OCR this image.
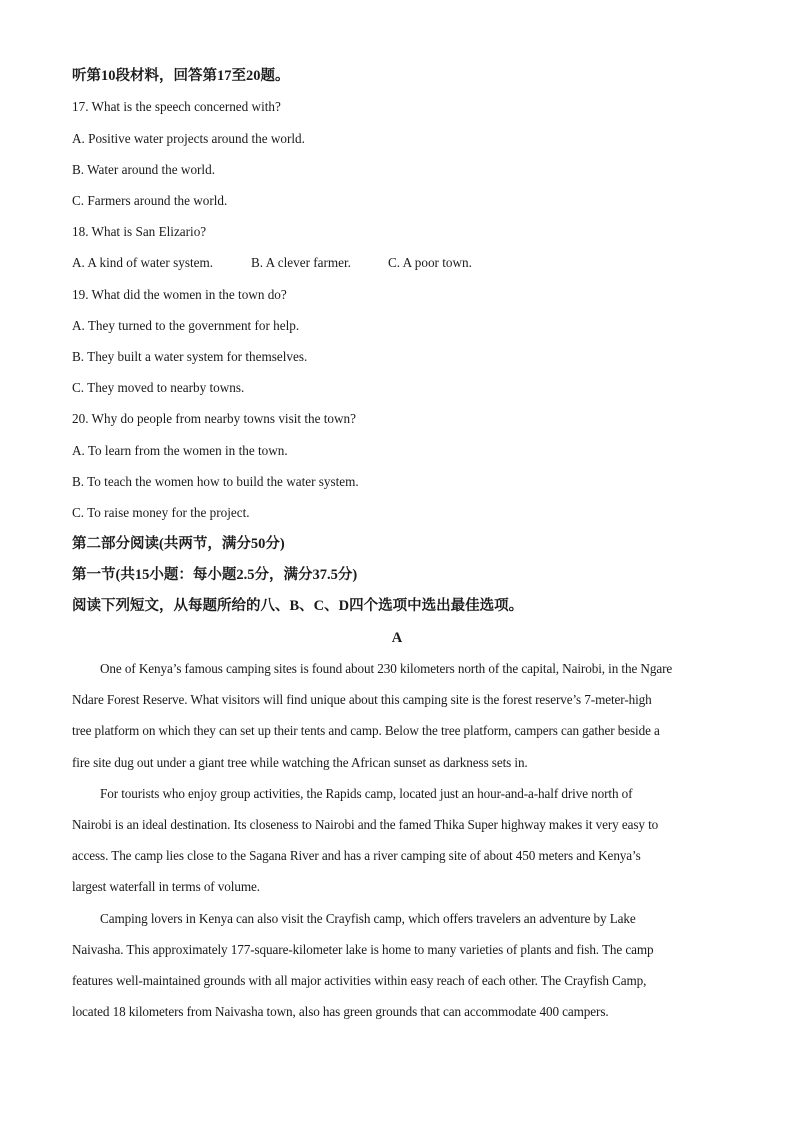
听第10段材料，回答第17至20题。
17. What is the speech concerned with?
A. Positive water projects around the world.
B. Water around the world.
C. Farmers around the world.
18. What is San Elizario?
A. A kind of water system.	B. A clever farmer.	C. A poor town.
19. What did the women in the town do?
A. They turned to the government for help.
B. They built a water system for themselves.
C. They moved to nearby towns.
20. Why do people from nearby towns visit the town?
A. To learn from the women in the town.
B. To teach the women how to build the water system.
C. To raise money for the project.
第二部分阅读(共两节，满分50分)
第一节(共15小题：每小题2.5分，满分37.5分)
阅读下列短文，从每题所给的八、B、C、D四个选项中选出最佳选项。
A
One of Kenya’s famous camping sites is found about 230 kilometers north of the capital, Nairobi, in the Ngare
Ndare Forest Reserve. What visitors will find unique about this camping site is the forest reserve’s 7-meter-high
tree platform on which they can set up their tents and camp. Below the tree platform, campers can gather beside a
fire site dug out under a giant tree while watching the African sunset as darkness sets in.
For tourists who enjoy group activities, the Rapids camp, located just an hour-and-a-half drive north of
Nairobi is an ideal destination. Its closeness to Nairobi and the famed Thika Super highway makes it very easy to
access. The camp lies close to the Sagana River and has a river camping site of about 450 meters and Kenya’s
largest waterfall in terms of volume.
Camping lovers in Kenya can also visit the Crayfish camp, which offers travelers an adventure by Lake
Naivasha. This approximately 177-square-kilometer lake is home to many varieties of plants and fish. The camp
features well-maintained grounds with all major activities within easy reach of each other. The Crayfish Camp,
located 18 kilometers from Naivasha town, also has green grounds that can accommodate 400 campers.
